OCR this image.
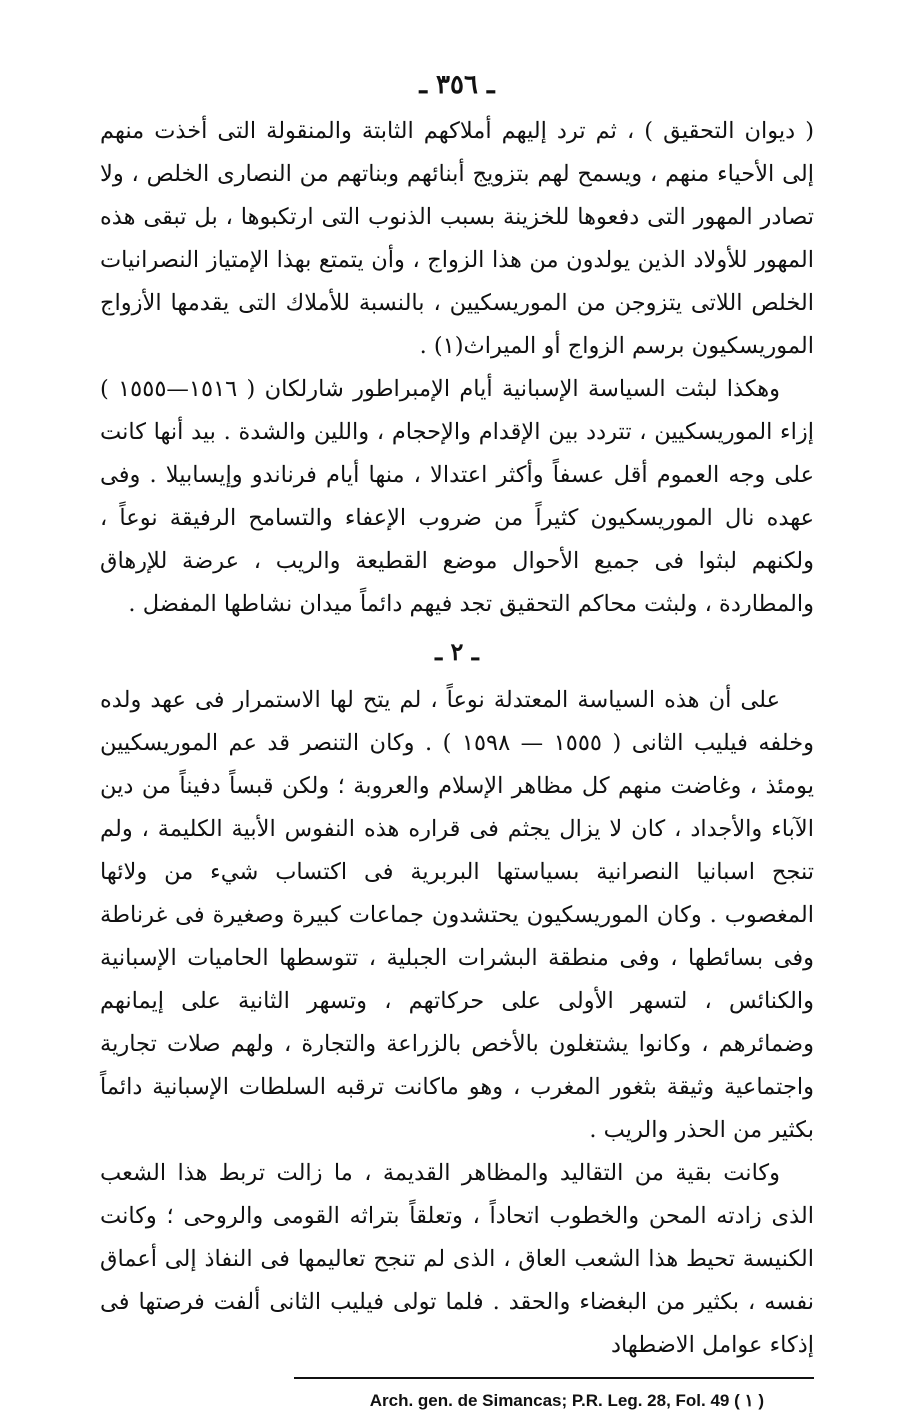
ـ ٣٥٦ ـ

( ديوان التحقيق ) ، ثم ترد إليهم أملاكهم الثابتة والمنقولة التى أخذت منهم إلى الأحياء منهم ، ويسمح لهم بتزويج أبنائهم وبناتهم من النصارى الخلص ، ولا تصادر المهور التى دفعوها للخزينة بسبب الذنوب التى ارتكبوها ، بل تبقى هذه المهور للأولاد الذين يولدون من هذا الزواج ، وأن يتمتع بهذا الإمتياز النصرانيات الخلص اللاتى يتزوجن من الموريسكيين ، بالنسبة للأملاك التى يقدمها الأزواج الموريسكيون برسم الزواج أو الميراث(١) .

وهكذا لبثت السياسة الإسبانية أيام الإمبراطور شارلكان ( ١٥١٦—١٥٥٥ ) إزاء الموريسكيين ، تتردد بين الإقدام والإحجام ، واللين والشدة . بيد أنها كانت على وجه العموم أقل عسفاً وأكثر اعتدالا ، منها أيام فرناندو وإيسابيلا . وفى عهده نال الموريسكيون كثيراً من ضروب الإعفاء والتسامح الرفيقة نوعاً ، ولكنهم لبثوا فى جميع الأحوال موضع القطيعة والريب ، عرضة للإرهاق والمطاردة ، ولبثت محاكم التحقيق تجد فيهم دائماً ميدان نشاطها المفضل .

ـ ٢ ـ

على أن هذه السياسة المعتدلة نوعاً ، لم يتح لها الاستمرار فى عهد ولده وخلفه فيليب الثانى ( ١٥٥٥ — ١٥٩٨ ) . وكان التنصر قد عم الموريسكيين يومئذ ، وغاضت منهم كل مظاهر الإسلام والعروبة ؛ ولكن قبساً دفيناً من دين الآباء والأجداد ، كان لا يزال يجثم فى قراره هذه النفوس الأبية الكليمة ، ولم تنجح اسبانيا النصرانية بسياستها البربرية فى اكتساب شيء من ولائها المغصوب . وكان الموريسكيون يحتشدون جماعات كبيرة وصغيرة فى غرناطة وفى بسائطها ، وفى منطقة البشرات الجبلية ، تتوسطها الحاميات الإسبانية والكنائس ، لتسهر الأولى على حركاتهم ، وتسهر الثانية على إيمانهم وضمائرهم ، وكانوا يشتغلون بالأخص بالزراعة والتجارة ، ولهم صلات تجارية واجتماعية وثيقة بثغور المغرب ، وهو ماكانت ترقبه السلطات الإسبانية دائماً بكثير من الحذر والريب .

وكانت بقية من التقاليد والمظاهر القديمة ، ما زالت تربط هذا الشعب الذى زادته المحن والخطوب اتحاداً ، وتعلقاً بتراثه القومى والروحى ؛ وكانت الكنيسة تحيط هذا الشعب العاق ، الذى لم تنجح تعاليمها فى النفاذ إلى أعماق نفسه ، بكثير من البغضاء والحقد . فلما تولى فيليب الثانى ألفت فرصتها فى إذكاء عوامل الاضطهاد

Arch. gen. de Simancas; P.R. Leg. 28, Fol. 49 ( ١ )
